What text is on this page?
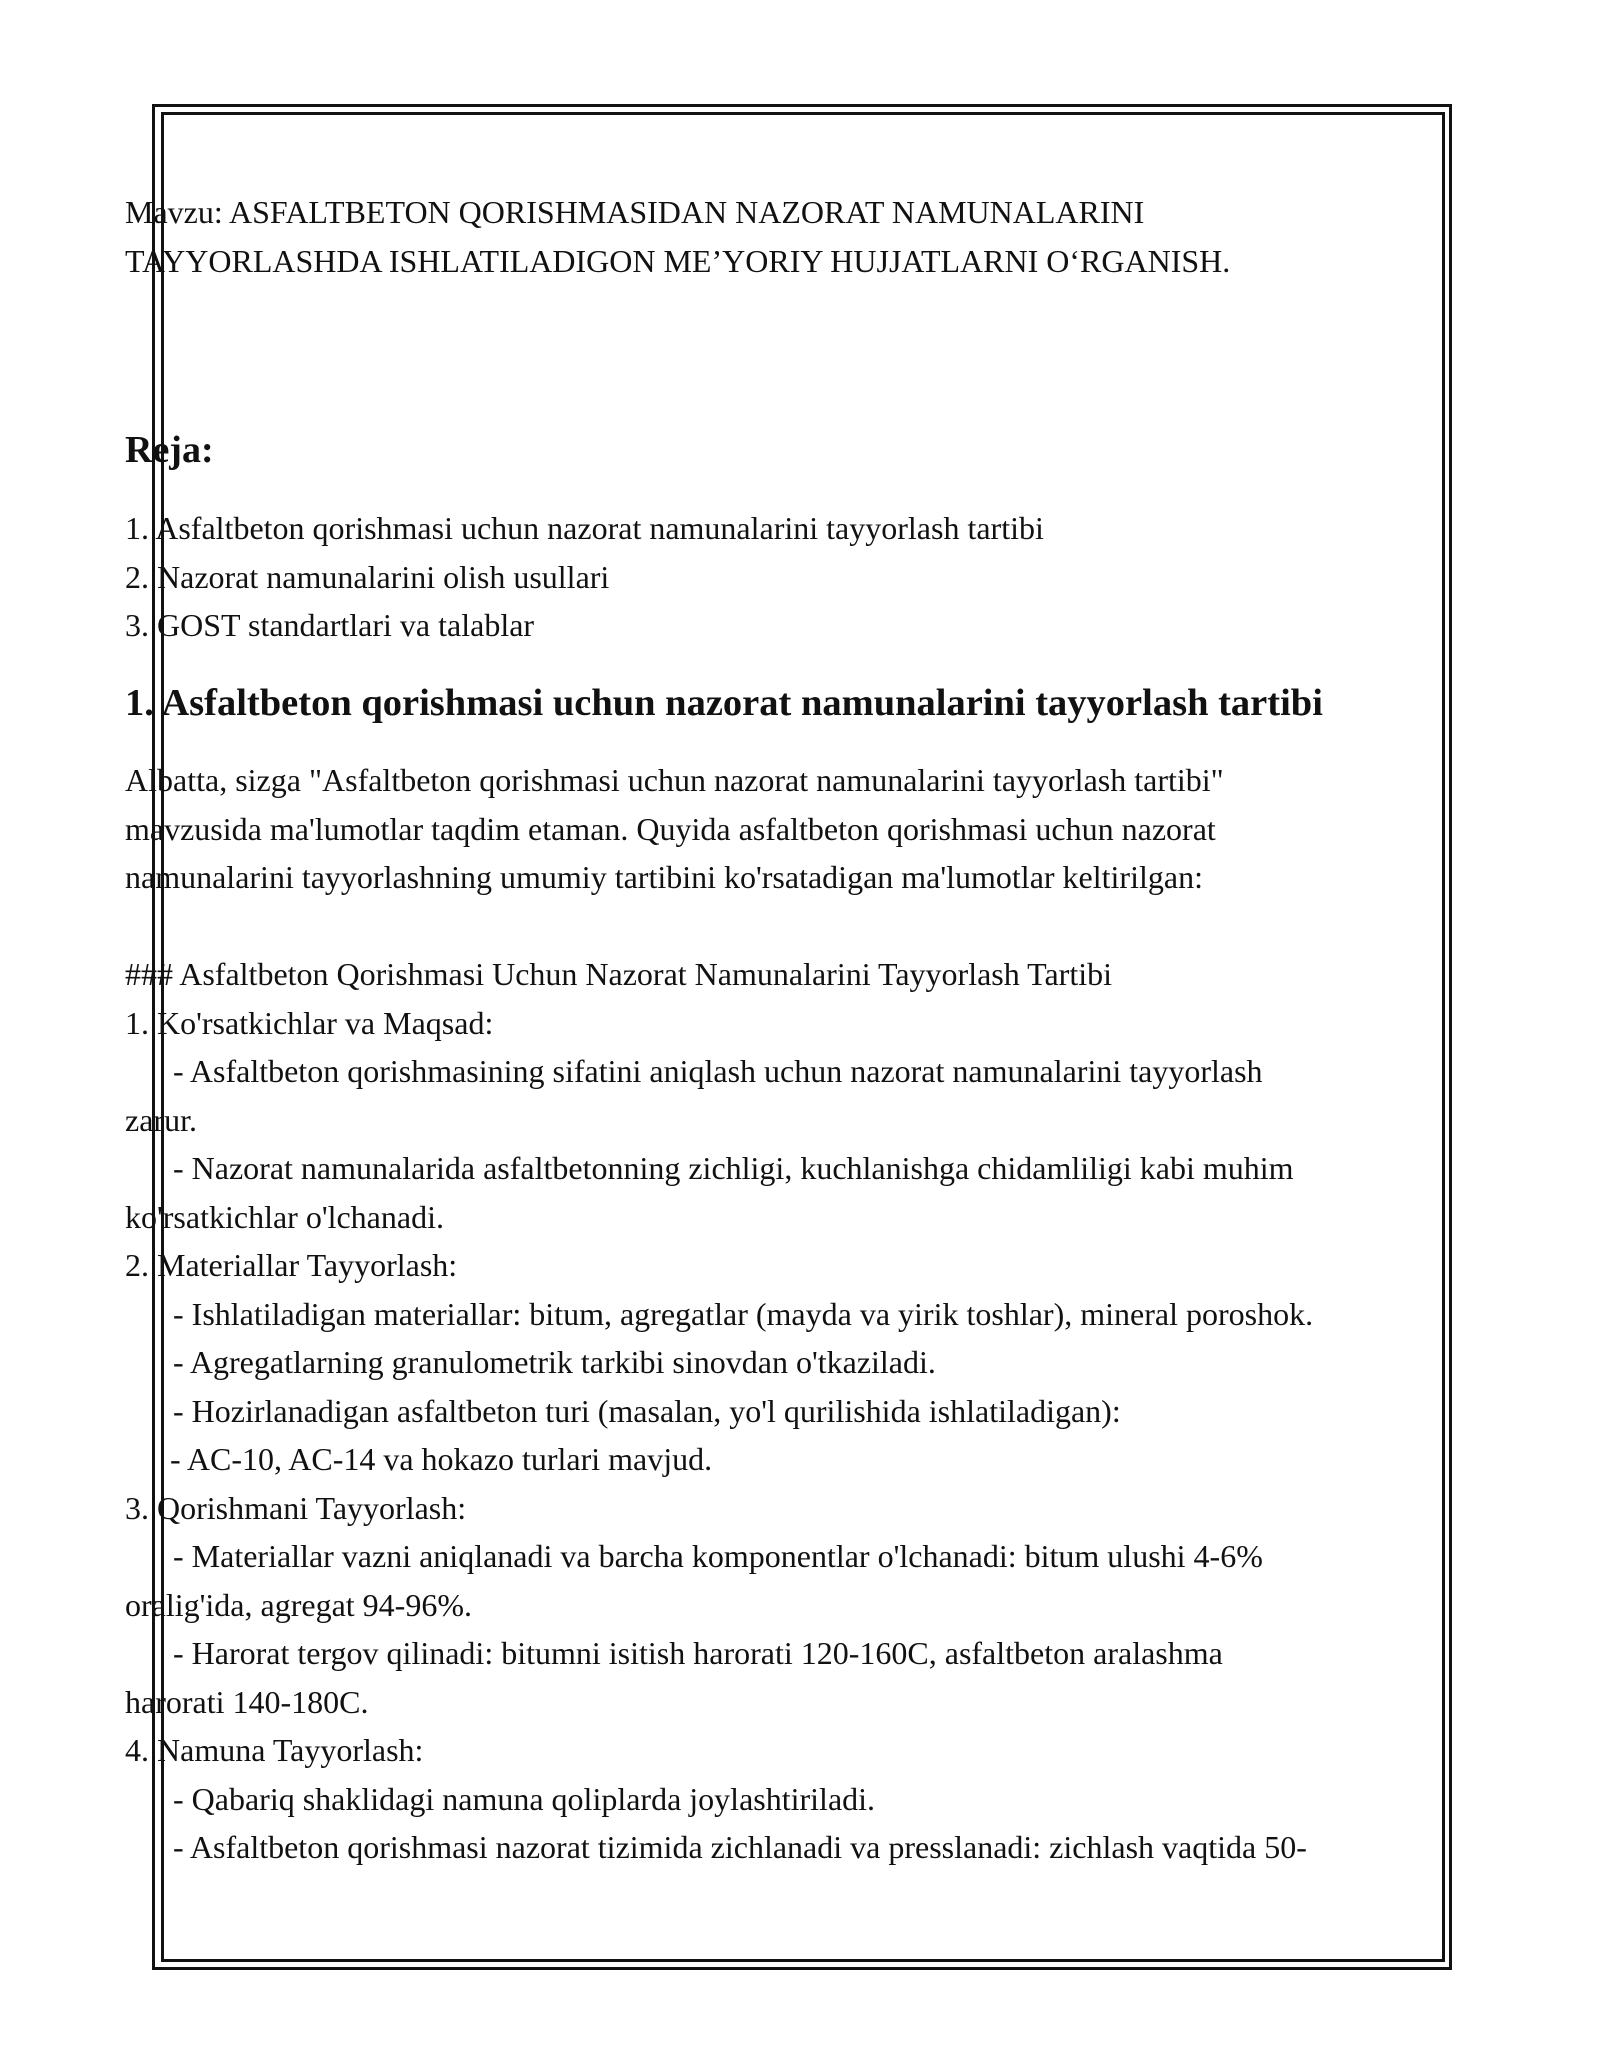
Mavzu: ASFALTBETON QORISHMASIDAN NAZORAT NAMUNALARINI

TAYYORLASHDA ISHLATILADIGON ME’YORIY HUJJATLARNI O‘RGANISH.

Reja:

1. Asfaltbeton qorishmasi uchun nazorat namunalarini tayyorlash tartibi

2. Nazorat namunalarini olish usullari

3. GOST standartlari va talablar

1. Asfaltbeton qorishmasi uchun nazorat namunalarini tayyorlash tartibi

Albatta, sizga "Asfaltbeton qorishmasi uchun nazorat namunalarini tayyorlash tartibi"

mavzusida ma'lumotlar taqdim etaman. Quyida asfaltbeton qorishmasi uchun nazorat

namunalarini tayyorlashning umumiy tartibini ko'rsatadigan ma'lumotlar keltirilgan:

### Asfaltbeton Qorishmasi Uchun Nazorat Namunalarini Tayyorlash Tartibi

1. Ko'rsatkichlar va Maqsad:

- Asfaltbeton qorishmasining sifatini aniqlash uchun nazorat namunalarini tayyorlash

zarur.

- Nazorat namunalarida asfaltbetonning zichligi, kuchlanishga chidamliligi kabi muhim

ko'rsatkichlar o'lchanadi.

2. Materiallar Tayyorlash:

- Ishlatiladigan materiallar: bitum, agregatlar (mayda va yirik toshlar), mineral poroshok.

- Agregatlarning granulometrik tarkibi sinovdan o'tkaziladi.

- Hozirlanadigan asfaltbeton turi (masalan, yo'l qurilishida ishlatiladigan):

- AC-10, AC-14 va hokazo turlari mavjud.

3. Qorishmani Tayyorlash:

- Materiallar vazni aniqlanadi va barcha komponentlar o'lchanadi: bitum ulushi 4-6%

oralig'ida, agregat 94-96%.

- Harorat tergov qilinadi: bitumni isitish harorati 120-160C, asfaltbeton aralashma

harorati 140-180C.

4. Namuna Tayyorlash:

- Qabariq shaklidagi namuna qoliplarda joylashtiriladi.

- Asfaltbeton qorishmasi nazorat tizimida zichlanadi va presslanadi: zichlash vaqtida 50-
